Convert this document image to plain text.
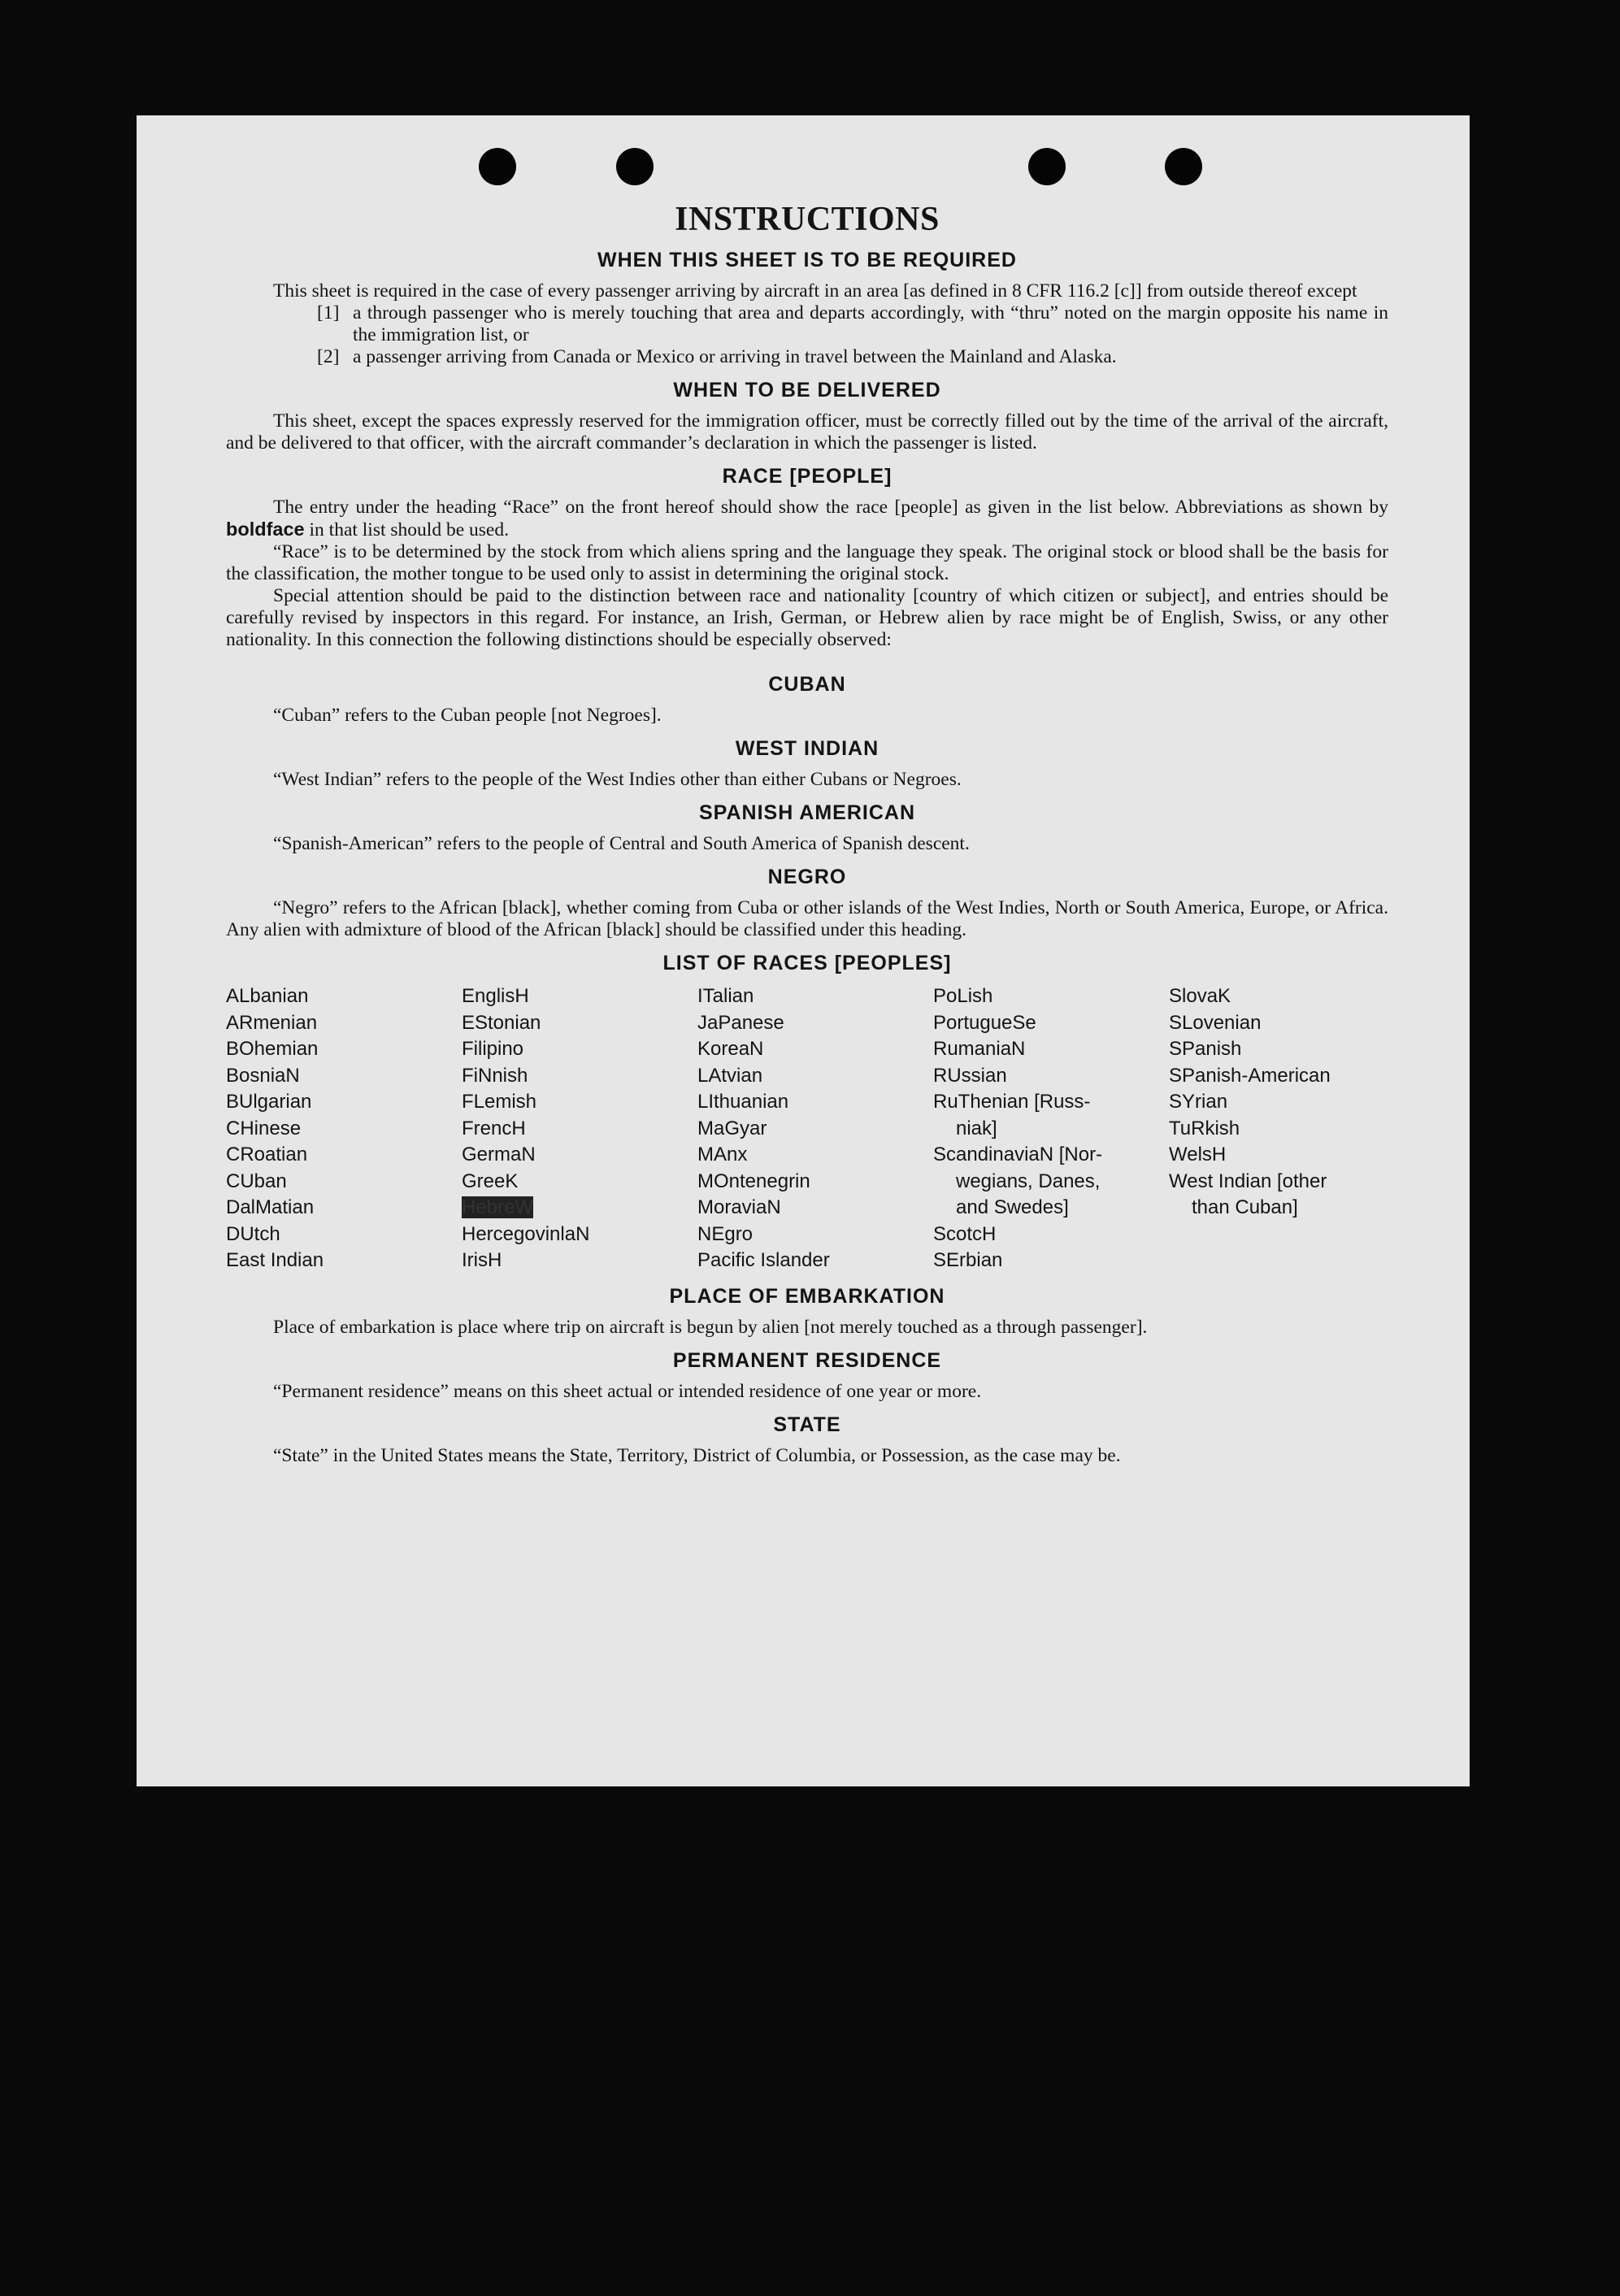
INSTRUCTIONS
WHEN THIS SHEET IS TO BE REQUIRED

This sheet is required in the case of every passenger arriving by aircraft in an area [as defined in 8 CFR 116.2 [c]] from outside thereof except

[1] a through passenger who is merely touching that area and departs accordingly, with “thru” noted on the margin opposite his name in the immigration list, or
[2] a passenger arriving from Canada or Mexico or arriving in travel between the Mainland and Alaska.
WHEN TO BE DELIVERED

This sheet, except the spaces expressly reserved for the immigration officer, must be correctly filled out by the time of the arrival of the aircraft, and be delivered to that officer, with the aircraft commander’s declaration in which the passenger is listed.

RACE [PEOPLE]

The entry under the heading “Race” on the front hereof should show the race [people] as given in the list below. Abbreviations as shown by boldface in that list should be used.

“Race” is to be determined by the stock from which aliens spring and the language they speak. The original stock or blood shall be the basis for the classification, the mother tongue to be used only to assist in determining the original stock.

Special attention should be paid to the distinction between race and nationality [country of which citizen or subject], and entries should be carefully revised by inspectors in this regard. For instance, an Irish, German, or Hebrew alien by race might be of English, Swiss, or any other nationality. In this connection the following distinctions should be especially observed:

CUBAN

“Cuban” refers to the Cuban people [not Negroes].

WEST INDIAN

“West Indian” refers to the people of the West Indies other than either Cubans or Negroes.

SPANISH AMERICAN

“Spanish-American” refers to the people of Central and South America of Spanish descent.

NEGRO

“Negro” refers to the African [black], whether coming from Cuba or other islands of the West Indies, North or South America, Europe, or Africa. Any alien with admixture of blood of the African [black] should be classified under this heading.

LIST OF RACES [PEOPLES]
ALbanian
ARmenian
BOhemian
BosniaN
BUlgarian
CHinese
CRoatian
CUban
DalMatian
DUtch
East Indian
EnglisH
EStonian
Filipino
FiNnish
FLemish
FrencH
GermaN
GreeK
HebreW
HercegovinlaN
IrisH
ITalian
JaPanese
KoreaN
LAtvian
LIthuanian
MaGyar
MAnx
MOntenegrin
MoraviaN
NEgro
Pacific Islander
PoLish
PortugueSe
RumaniaN
RUssian
RuThenian [Russ-
niak]
ScandinaviaN [Nor-
wegians, Danes,
and Swedes]
ScotcH
SErbian
SlovaK
SLovenian
SPanish
SPanish-American
SYrian
TuRkish
WelsH
West Indian [other
than Cuban]
PLACE OF EMBARKATION

Place of embarkation is place where trip on aircraft is begun by alien [not merely touched as a through passenger].

PERMANENT RESIDENCE

“Permanent residence” means on this sheet actual or intended residence of one year or more.

STATE

“State” in the United States means the State, Territory, District of Columbia, or Possession, as the case may be.
